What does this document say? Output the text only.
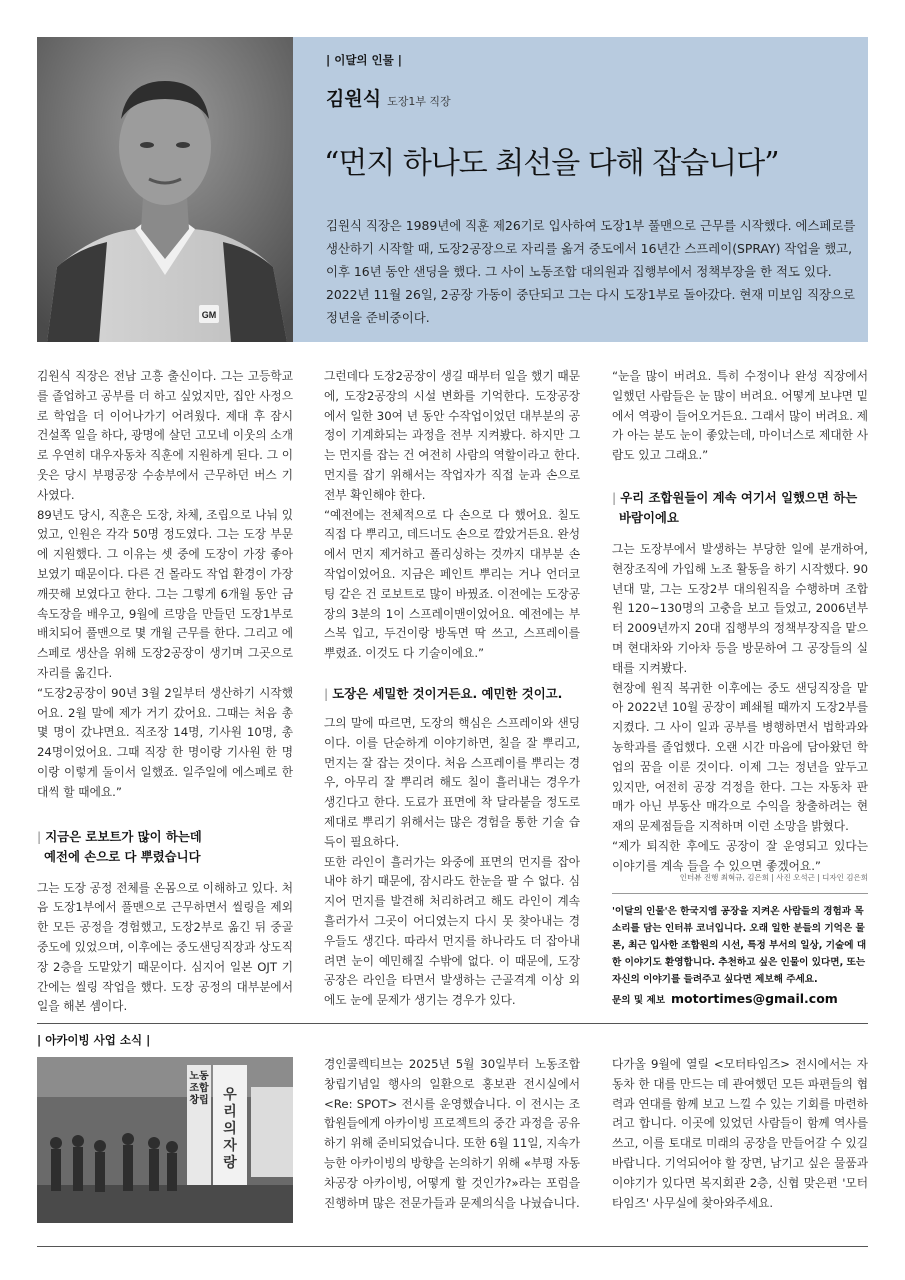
GM
| 이달의 인물 |
김원식 도장1부 직장
“먼지 하나도 최선을 다해 잡습니다”
김원식 직장은 1989년에 직훈 제26기로 입사하여 도장1부 풀맨으로 근무를 시작했다. 에스페로를
생산하기 시작할 때, 도장2공장으로 자리를 옮겨 중도에서 16년간 스프레이(SPRAY) 작업을 했고,
이후 16년 동안 샌딩을 했다. 그 사이 노동조합 대의원과 집행부에서 정책부장을 한 적도 있다.
2022년 11월 26일, 2공장 가동이 중단되고 그는 다시 도장1부로 돌아갔다. 현재 미보임 직장으로
정년을 준비중이다.

김원식 직장은 전남 고흥 출신이다. 그는 고등학교를 졸업하고 공부를 더 하고 싶었지만, 집안 사정으로 학업을 더 이어나가기 어려웠다. 제대 후 잠시 건설쪽 일을 하다, 광명에 살던 고모네 이웃의 소개로 우연히 대우자동차 직훈에 지원하게 된다. 그 이웃은 당시 부평공장 수송부에서 근무하던 버스 기사였다.

89년도 당시, 직훈은 도장, 차체, 조립으로 나눠 있었고, 인원은 각각 50명 정도였다. 그는 도장 부문에 지원했다. 그 이유는 셋 중에 도장이 가장 좋아 보였기 때문이다. 다른 건 몰라도 작업 환경이 가장 깨끗해 보였다고 한다. 그는 그렇게 6개월 동안 금속도장을 배우고, 9월에 르망을 만들던 도장1부로 배치되어 풀맨으로 몇 개월 근무를 한다. 그리고 에스페로 생산을 위해 도장2공장이 생기며 그곳으로 자리를 옮긴다.

“도장2공장이 90년 3월 2일부터 생산하기 시작했어요. 2월 말에 제가 거기 갔어요. 그때는 처음 총 몇 명이 갔냐면요. 직조장 14명, 기사원 10명, 총 24명이었어요. 그때 직장 한 명이랑 기사원 한 명이랑 이렇게 둘이서 일했죠. 일주일에 에스페로 한 대씩 할 때에요.”

| 지금은 로보트가 많이 하는데
예전에 손으로 다 뿌렸습니다

그는 도장 공정 전체를 온몸으로 이해하고 있다. 처음 도장1부에서 풀맨으로 근무하면서 씰링을 제외한 모든 공정을 경험했고, 도장2부로 옮긴 뒤 중골 중도에 있었으며, 이후에는 중도샌딩직장과 상도직장 2층을 도맡았기 때문이다. 심지어 일본 OJT 기간에는 씰링 작업을 했다. 도장 공정의 대부분에서 일을 해본 셈이다.

그런데다 도장2공장이 생길 때부터 일을 했기 때문에, 도장2공장의 시설 변화를 기억한다. 도장공장에서 일한 30여 년 동안 수작업이었던 대부분의 공정이 기계화되는 과정을 전부 지켜봤다. 하지만 그는 먼지를 잡는 건 여전히 사람의 역할이라고 한다. 먼지를 잡기 위해서는 작업자가 직접 눈과 손으로 전부 확인해야 한다.

“예전에는 전체적으로 다 손으로 다 했어요. 칠도 직접 다 뿌리고, 데드너도 손으로 깔았거든요. 완성에서 먼지 제거하고 폴리싱하는 것까지 대부분 손 작업이었어요. 지금은 페인트 뿌리는 거나 언더코팅 같은 건 로보트로 많이 바꿨죠. 이전에는 도장공장의 3분의 1이 스프레이맨이었어요. 예전에는 부스복 입고, 두건이랑 방독면 딱 쓰고, 스프레이를 뿌렸죠. 이것도 다 기술이에요.”

| 도장은 세밀한 것이거든요. 예민한 것이고.

그의 말에 따르면, 도장의 핵심은 스프레이와 샌딩이다. 이를 단순하게 이야기하면, 칠을 잘 뿌리고, 먼지는 잘 잡는 것이다. 처음 스프레이를 뿌리는 경우, 아무리 잘 뿌리려 해도 칠이 흘러내는 경우가 생긴다고 한다. 도료가 표면에 착 달라붙을 정도로 제대로 뿌리기 위해서는 많은 경험을 통한 기술 습득이 필요하다.

또한 라인이 흘러가는 와중에 표면의 먼지를 잡아내야 하기 때문에, 잠시라도 한눈을 팔 수 없다. 심지어 먼지를 발견해 처리하려고 해도 라인이 계속 흘러가서 그곳이 어디였는지 다시 못 찾아내는 경우들도 생긴다. 따라서 먼지를 하나라도 더 잡아내려면 눈이 예민해질 수밖에 없다. 이 때문에, 도장공장은 라인을 타면서 발생하는 근골격계 이상 외에도 눈에 문제가 생기는 경우가 있다.

“눈을 많이 버려요. 특히 수정이나 완성 직장에서 일했던 사람들은 눈 많이 버려요. 어떻게 보냐면 밑에서 역광이 들어오거든요. 그래서 많이 버려요. 제가 아는 분도 눈이 좋았는데, 마이너스로 제대한 사람도 있고 그래요.”

| 우리 조합원들이 계속 여기서 일했으면 하는
바람이에요

그는 도장부에서 발생하는 부당한 일에 분개하여, 현장조직에 가입해 노조 활동을 하기 시작했다. 90년대 말, 그는 도장2부 대의원직을 수행하며 조합원 120~130명의 고충을 보고 들었고, 2006년부터 2009년까지 20대 집행부의 정책부장직을 맡으며 현대차와 기아차 등을 방문하여 그 공장들의 실태를 지켜봤다.

현장에 원직 복귀한 이후에는 중도 샌딩직장을 맡아 2022년 10월 공장이 폐쇄될 때까지 도장2부를 지켰다. 그 사이 일과 공부를 병행하면서 법학과와 농학과를 졸업했다. 오랜 시간 마음에 담아왔던 학업의 꿈을 이룬 것이다. 이제 그는 정년을 앞두고 있지만, 여전히 공장 걱정을 한다. 그는 자동차 판매가 아닌 부동산 매각으로 수익을 창출하려는 현재의 문제점들을 지적하며 이런 소망을 밝혔다.

“제가 퇴직한 후에도 공장이 잘 운영되고 있다는 이야기를 계속 들을 수 있으면 좋겠어요.”

인터뷰 진행 최혁규, 김은희 | 사진 오석근 | 디자인 김은희
'이달의 인물'은 한국지엠 공장을 지켜온 사람들의 경험과 목소리를 담는 인터뷰 코너입니다. 오래 일한 분들의 기억은 물론, 최근 입사한 조합원의 시선, 특정 부서의 일상, 기술에 대한 이야기도 환영합니다. 추천하고 싶은 인물이 있다면, 또는 자신의 이야기를 들려주고 싶다면 제보해 주세요.
문의 및 제보 motortimes@gmail.com
| 아카이빙 사업 소식 |
노동조합 창립	우리의 자랑
경인콜렉티브는 2025년 5월 30일부터 노동조합 창립기념일 행사의 일환으로 홍보관 전시실에서 <Re: SPOT> 전시를 운영했습니다. 이 전시는 조합원들에게 아카이빙 프로젝트의 중간 과정을 공유하기 위해 준비되었습니다. 또한 6월 11일, 지속가능한 아카이빙의 방향을 논의하기 위해 «부평 자동차공장 아카이빙, 어떻게 할 것인가?»라는 포럼을 진행하며 많은 전문가들과 문제의식을 나눴습니다.
다가올 9월에 열릴 <모터타임즈> 전시에서는 자동차 한 대를 만드는 데 관여했던 모든 파편들의 협력과 연대를 함께 보고 느낄 수 있는 기회를 마련하려고 합니다. 이곳에 있었던 사람들이 함께 역사를 쓰고, 이를 토대로 미래의 공장을 만들어갈 수 있길 바랍니다. 기억되어야 할 장면, 남기고 싶은 물품과 이야기가 있다면 복지회관 2층, 신협 맞은편 '모터타임즈' 사무실에 찾아와주세요.
